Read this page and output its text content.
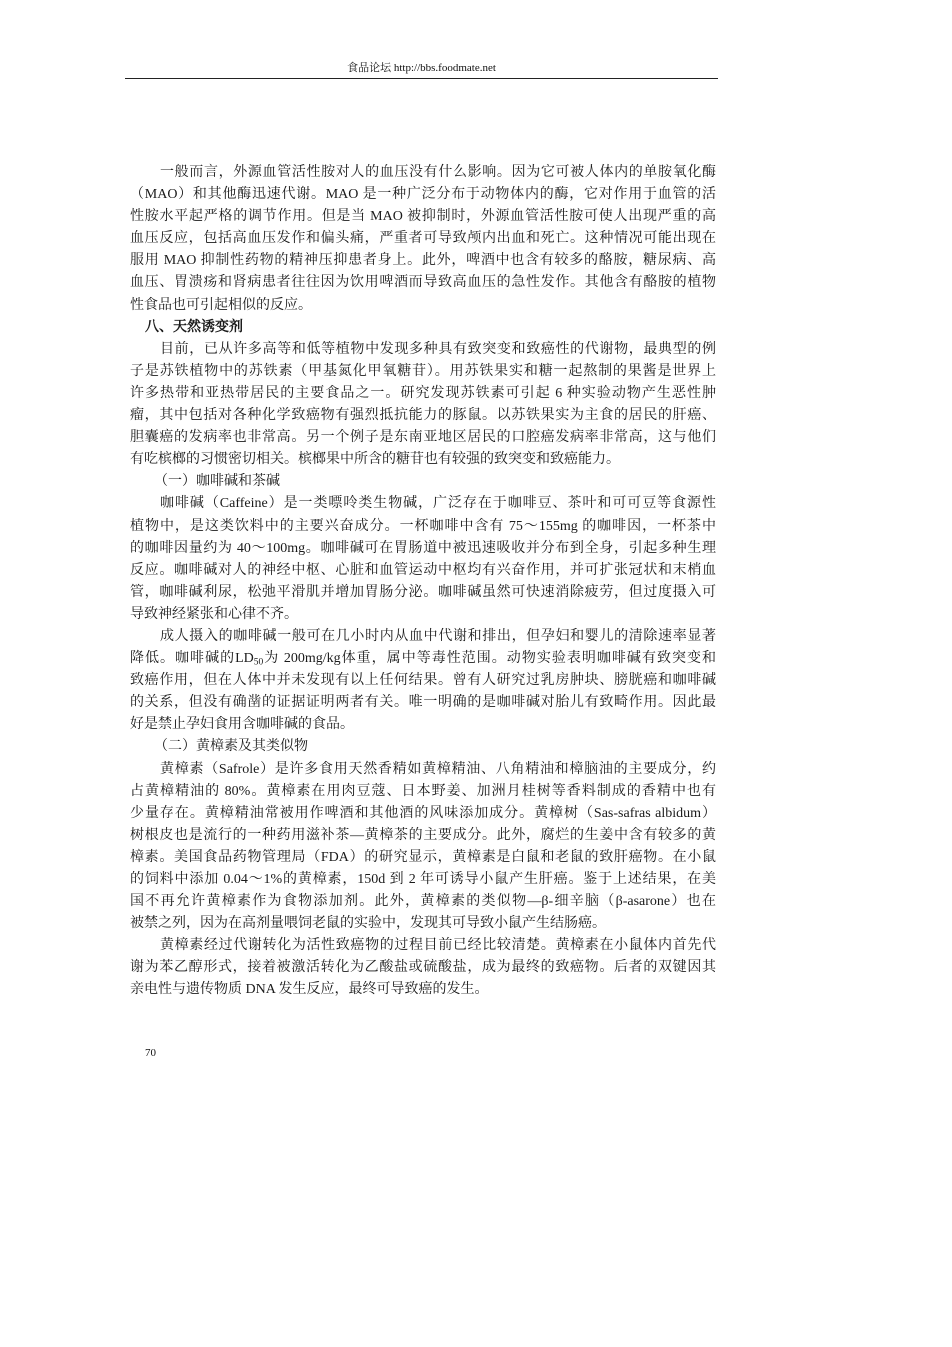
食品论坛 http://bbs.foodmate.net
一般而言，外源血管活性胺对人的血压没有什么影响。因为它可被人体内的单胺氧化酶
（MAO）和其他酶迅速代谢。MAO 是一种广泛分布于动物体内的酶，它对作用于血管的活
性胺水平起严格的调节作用。但是当 MAO 被抑制时，外源血管活性胺可使人出现严重的高
血压反应，包括高血压发作和偏头痛，严重者可导致颅内出血和死亡。这种情况可能出现在
服用 MAO 抑制性药物的精神压抑患者身上。此外，啤酒中也含有较多的酪胺，糖尿病、高
血压、胃溃疡和肾病患者往往因为饮用啤酒而导致高血压的急性发作。其他含有酪胺的植物
性食品也可引起相似的反应。
八、天然诱变剂
目前，已从许多高等和低等植物中发现多种具有致突变和致癌性的代谢物，最典型的例
子是苏铁植物中的苏铁素（甲基氮化甲氧糖苷）。用苏铁果实和糖一起熬制的果酱是世界上
许多热带和亚热带居民的主要食品之一。研究发现苏铁素可引起 6 种实验动物产生恶性肿
瘤，其中包括对各种化学致癌物有强烈抵抗能力的豚鼠。以苏铁果实为主食的居民的肝癌、
胆囊癌的发病率也非常高。另一个例子是东南亚地区居民的口腔癌发病率非常高，这与他们
有吃槟榔的习惯密切相关。槟榔果中所含的糖苷也有较强的致突变和致癌能力。
（一）咖啡碱和茶碱
咖啡碱（Caffeine）是一类嘌呤类生物碱，广泛存在于咖啡豆、茶叶和可可豆等食源性
植物中，是这类饮料中的主要兴奋成分。一杯咖啡中含有 75～155mg 的咖啡因，一杯茶中
的咖啡因量约为 40～100mg。咖啡碱可在胃肠道中被迅速吸收并分布到全身，引起多种生理
反应。咖啡碱对人的神经中枢、心脏和血管运动中枢均有兴奋作用，并可扩张冠状和末梢血
管，咖啡碱利尿，松弛平滑肌并增加胃肠分泌。咖啡碱虽然可快速消除疲劳，但过度摄入可
导致神经紧张和心律不齐。
成人摄入的咖啡碱一般可在几小时内从血中代谢和排出，但孕妇和婴儿的清除速率显著
降低。咖啡碱的$LD_{50}$为 200mg/kg体重，属中等毒性范围。动物实验表明咖啡碱有致突变和
致癌作用，但在人体中并未发现有以上任何结果。曾有人研究过乳房肿块、膀胱癌和咖啡碱
的关系，但没有确凿的证据证明两者有关。唯一明确的是咖啡碱对胎儿有致畸作用。因此最
好是禁止孕妇食用含咖啡碱的食品。
（二）黄樟素及其类似物
黄樟素（Safrole）是许多食用天然香精如黄樟精油、八角精油和樟脑油的主要成分，约
占黄樟精油的 80%。黄樟素在用肉豆蔻、日本野姜、加洲月桂树等香料制成的香精中也有
少量存在。黄樟精油常被用作啤酒和其他酒的风味添加成分。黄樟树（Sas-safras albidum）
树根皮也是流行的一种药用滋补茶—黄樟茶的主要成分。此外，腐烂的生姜中含有较多的黄
樟素。美国食品药物管理局（FDA）的研究显示，黄樟素是白鼠和老鼠的致肝癌物。在小鼠
的饲料中添加 0.04～1%的黄樟素，150d 到 2 年可诱导小鼠产生肝癌。鉴于上述结果，在美
国不再允许黄樟素作为食物添加剂。此外，黄樟素的类似物—β-细辛脑（β-asarone）也在
被禁之列，因为在高剂量喂饲老鼠的实验中，发现其可导致小鼠产生结肠癌。
黄樟素经过代谢转化为活性致癌物的过程目前已经比较清楚。黄樟素在小鼠体内首先代
谢为苯乙醇形式，接着被激活转化为乙酸盐或硫酸盐，成为最终的致癌物。后者的双键因其
亲电性与遗传物质 DNA 发生反应，最终可导致癌的发生。
70
